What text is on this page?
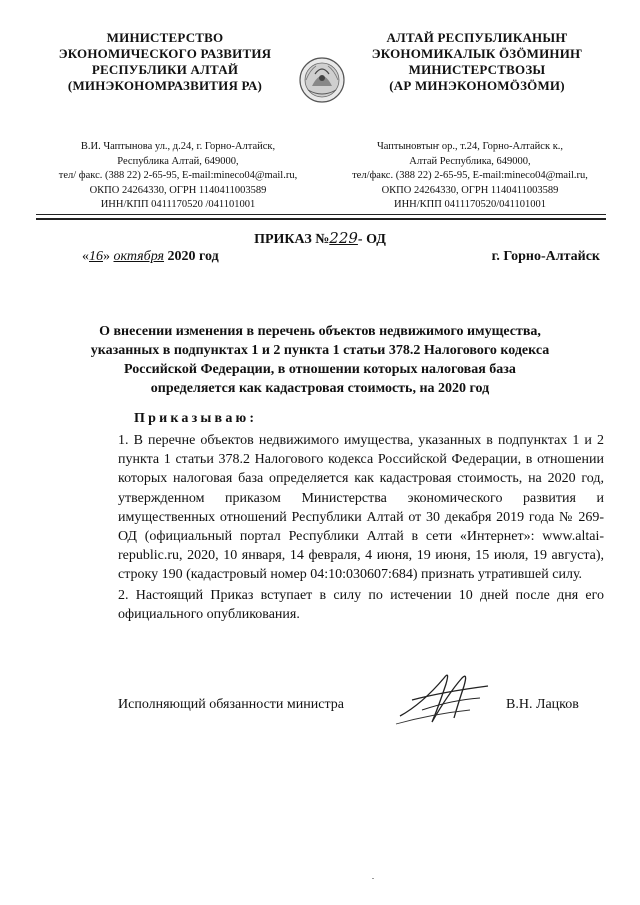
МИНИСТЕРСТВО
ЭКОНОМИЧЕСКОГО РАЗВИТИЯ
РЕСПУБЛИКИ АЛТАЙ
(МИНЭКОНОМРАЗВИТИЯ РА)
АЛТАЙ РЕСПУБЛИКАНЫҤ
ЭКОНОМИКАЛЫК ӦЗӦМИНИҤ
МИНИСТЕРСТВОЗЫ
(АР МИНЭКОНОМӦЗӦМИ)
В.И. Чаптынова ул., д.24, г. Горно-Алтайск,
Республика Алтай, 649000,
тел/ факс. (388 22) 2-65-95, E-mail:mineco04@mail.ru,
ОКПО 24264330, ОГРН 1140411003589
ИНН/КПП 0411170520 /041101001
Чаптыновтыҥ ор., т.24, Горно-Алтайск к.,
Алтай Республика, 649000,
тел/факс. (388 22) 2-65-95, E-mail:mineco04@mail.ru,
ОКПО 24264330, ОГРН 1140411003589
ИНН/КПП 0411170520/041101001
ПРИКАЗ №229- ОД
«16» октября 2020 год	г. Горно-Алтайск
О внесении изменения в перечень объектов недвижимого имущества,
указанных в подпунктах 1 и 2 пункта 1 статьи 378.2 Налогового кодекса
Российской Федерации, в отношении которых налоговая база
определяется как кадастровая стоимость, на 2020 год
Приказываю:
1. В перечне объектов недвижимого имущества, указанных в подпунктах 1 и 2 пункта 1 статьи 378.2 Налогового кодекса Российской Федерации, в отношении которых налоговая база определяется как кадастровая стоимость, на 2020 год, утвержденном приказом Министерства экономического развития и имущественных отношений Республики Алтай от 30 декабря 2019 года № 269-ОД (официальный портал Республики Алтай в сети «Интернет»: www.altai-republic.ru, 2020, 10 января, 14 февраля, 4 июня, 19 июня, 15 июля, 19 августа), строку 190 (кадастровый номер 04:10:030607:684) признать утратившей силу.
2. Настоящий Приказ вступает в силу по истечении 10 дней после дня его официального опубликования.
Исполняющий обязанности министра	В.Н. Лацков
